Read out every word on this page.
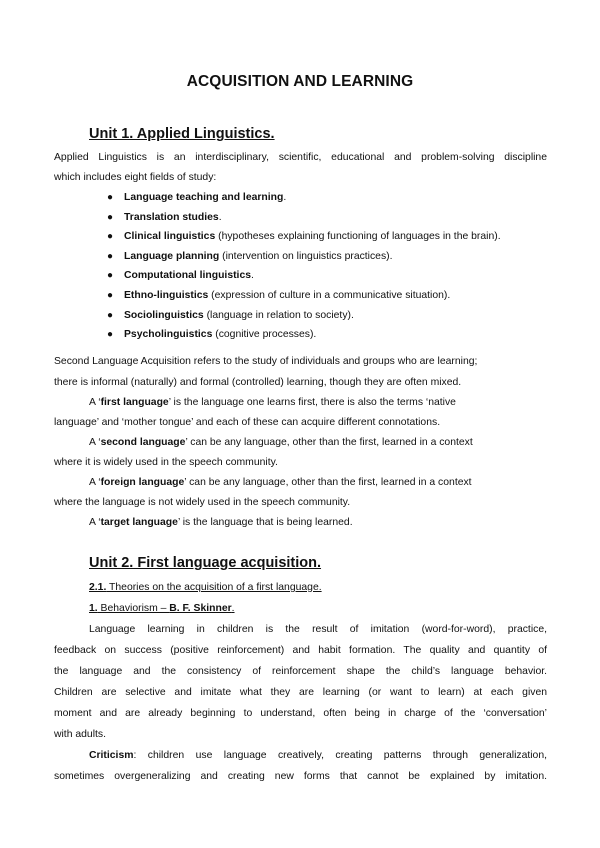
ACQUISITION AND LEARNING
Unit 1. Applied Linguistics.
Applied Linguistics is an interdisciplinary, scientific, educational and problem-solving discipline
which includes eight fields of study:
● Language teaching and learning.
● Translation studies.
● Clinical linguistics (hypotheses explaining functioning of languages in the brain).
● Language planning (intervention on linguistics practices).
● Computational linguistics.
● Ethno-linguistics (expression of culture in a communicative situation).
● Sociolinguistics (language in relation to society).
● Psycholinguistics (cognitive processes).
Second Language Acquisition refers to the study of individuals and groups who are learning;
there is informal (naturally) and formal (controlled) learning, though they are often mixed.
A ‘first language’ is the language one learns first, there is also the terms ‘native
language’ and ‘mother tongue’ and each of these can acquire different connotations.
A ‘second language’ can be any language, other than the first, learned in a context
where it is widely used in the speech community.
A ‘foreign language’ can be any language, other than the first, learned in a context
where the language is not widely used in the speech community.
A ‘target language’ is the language that is being learned.
Unit 2. First language acquisition.
2.1. Theories on the acquisition of a first language.
1. Behaviorism – B. F. Skinner.
Language learning in children is the result of imitation (word-for-word), practice,
feedback on success (positive reinforcement) and habit formation. The quality and quantity of
the language and the consistency of reinforcement shape the child’s language behavior.
Children are selective and imitate what they are learning (or want to learn) at each given
moment and are already beginning to understand, often being in charge of the ‘conversation’
with adults.
Criticism: children use language creatively, creating patterns through generalization,
sometimes overgeneralizing and creating new forms that cannot be explained by imitation.
